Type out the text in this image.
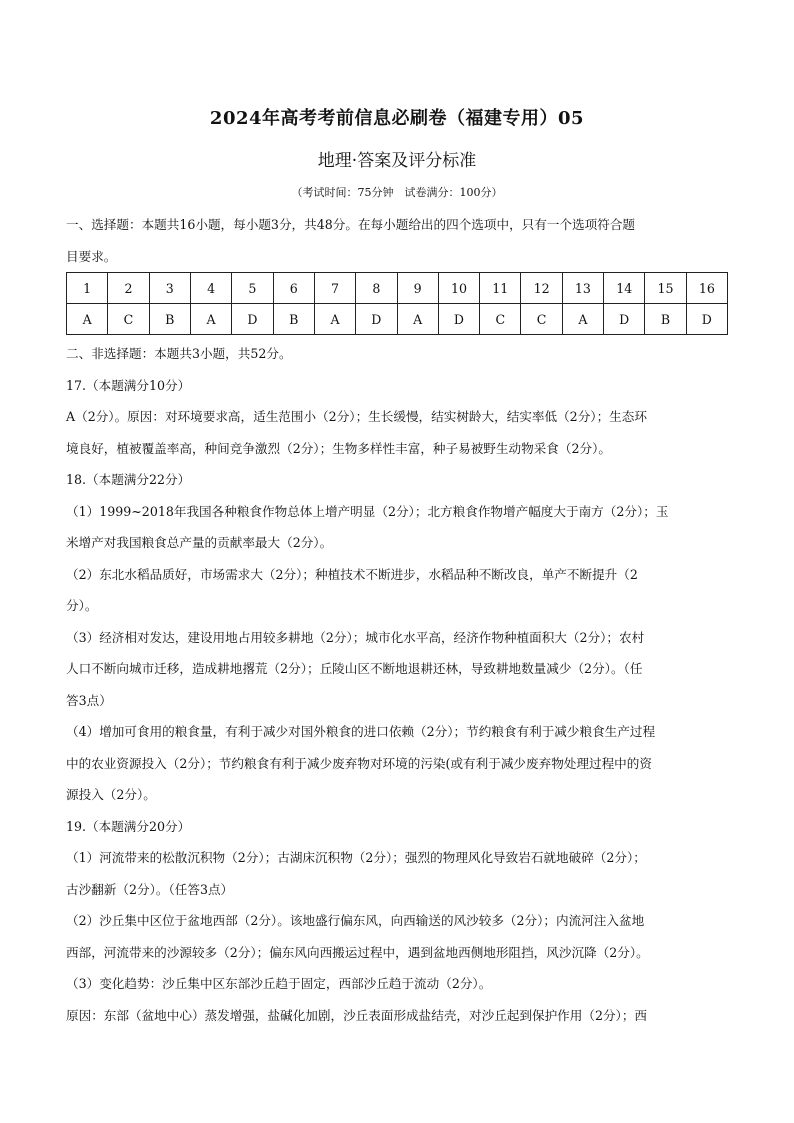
2024年高考考前信息必刷卷（福建专用）05
地理·答案及评分标准
（考试时间：75分钟　试卷满分：100分）

一、选择题：本题共16小题，每小题3分，共48分。在每小题给出的四个选项中，只有一个选项符合题

目要求。

1	2	3	4	5	6	7	8	9	10	11	12	13	14	15	16
A	C	B	A	D	B	A	D	A	D	C	C	A	D	B	D

二、非选择题：本题共3小题，共52分。

17.（本题满分10分）

A（2分）。原因：对环境要求高，适生范围小（2分）；生长缓慢，结实树龄大，结实率低（2分）；生态环

境良好，植被覆盖率高，种间竞争激烈（2分）；生物多样性丰富，种子易被野生动物采食（2分）。

18.（本题满分22分）

（1）1999~2018年我国各种粮食作物总体上增产明显（2分）；北方粮食作物增产幅度大于南方（2分）；玉

米增产对我国粮食总产量的贡献率最大（2分）。

（2）东北水稻品质好，市场需求大（2分）；种植技术不断进步，水稻品种不断改良，单产不断提升（2

分）。

（3）经济相对发达，建设用地占用较多耕地（2分）；城市化水平高，经济作物种植面积大（2分）；农村

人口不断向城市迁移，造成耕地撂荒（2分）；丘陵山区不断地退耕还林，导致耕地数量减少（2分）。（任

答3点）

（4）增加可食用的粮食量，有利于减少对国外粮食的进口依赖（2分）；节约粮食有利于减少粮食生产过程

中的农业资源投入（2分）；节约粮食有利于减少废弃物对环境的污染(或有利于减少废弃物处理过程中的资

源投入（2分）。

19.（本题满分20分）

（1）河流带来的松散沉积物（2分）；古湖床沉积物（2分）；强烈的物理风化导致岩石就地破碎（2分）；

古沙翻新（2分）。（任答3点）

（2）沙丘集中区位于盆地西部（2分）。该地盛行偏东风，向西输送的风沙较多（2分）；内流河注入盆地

西部，河流带来的沙源较多（2分）；偏东风向西搬运过程中，遇到盆地西侧地形阻挡，风沙沉降（2分）。

（3）变化趋势：沙丘集中区东部沙丘趋于固定，西部沙丘趋于流动（2分）。

原因：东部（盆地中心）蒸发增强，盐碱化加剧，沙丘表面形成盐结壳，对沙丘起到保护作用（2分）；西
